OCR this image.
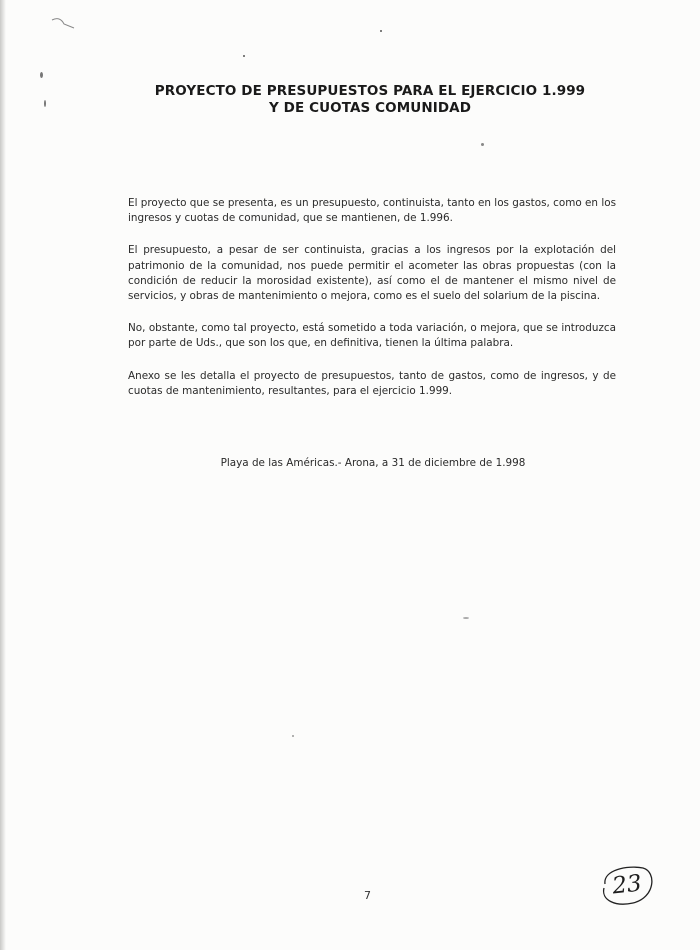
PROYECTO DE PRESUPUESTOS PARA EL EJERCICIO 1.999
Y DE CUOTAS COMUNIDAD

El proyecto que se presenta, es un presupuesto, continuista, tanto en los gastos, como en los ingresos y cuotas de comunidad, que se mantienen, de 1.996.

El presupuesto, a pesar de ser continuista, gracias a los ingresos por la explotación del patrimonio de la comunidad, nos puede permitir el acometer las obras propuestas (con la condición de reducir la morosidad existente), así como el de mantener el mismo nivel de servicios, y obras de mantenimiento o mejora, como es el suelo del solarium de la piscina.

No, obstante, como tal proyecto, está sometido a toda variación, o mejora, que se introduzca por parte de Uds., que son los que, en definitiva, tienen la última palabra.

Anexo se les detalla el proyecto de presupuestos, tanto de gastos, como de ingresos, y de cuotas de mantenimiento, resultantes, para el ejercicio 1.999.

Playa de las Américas.- Arona, a 31 de diciembre de 1.998
7	23
